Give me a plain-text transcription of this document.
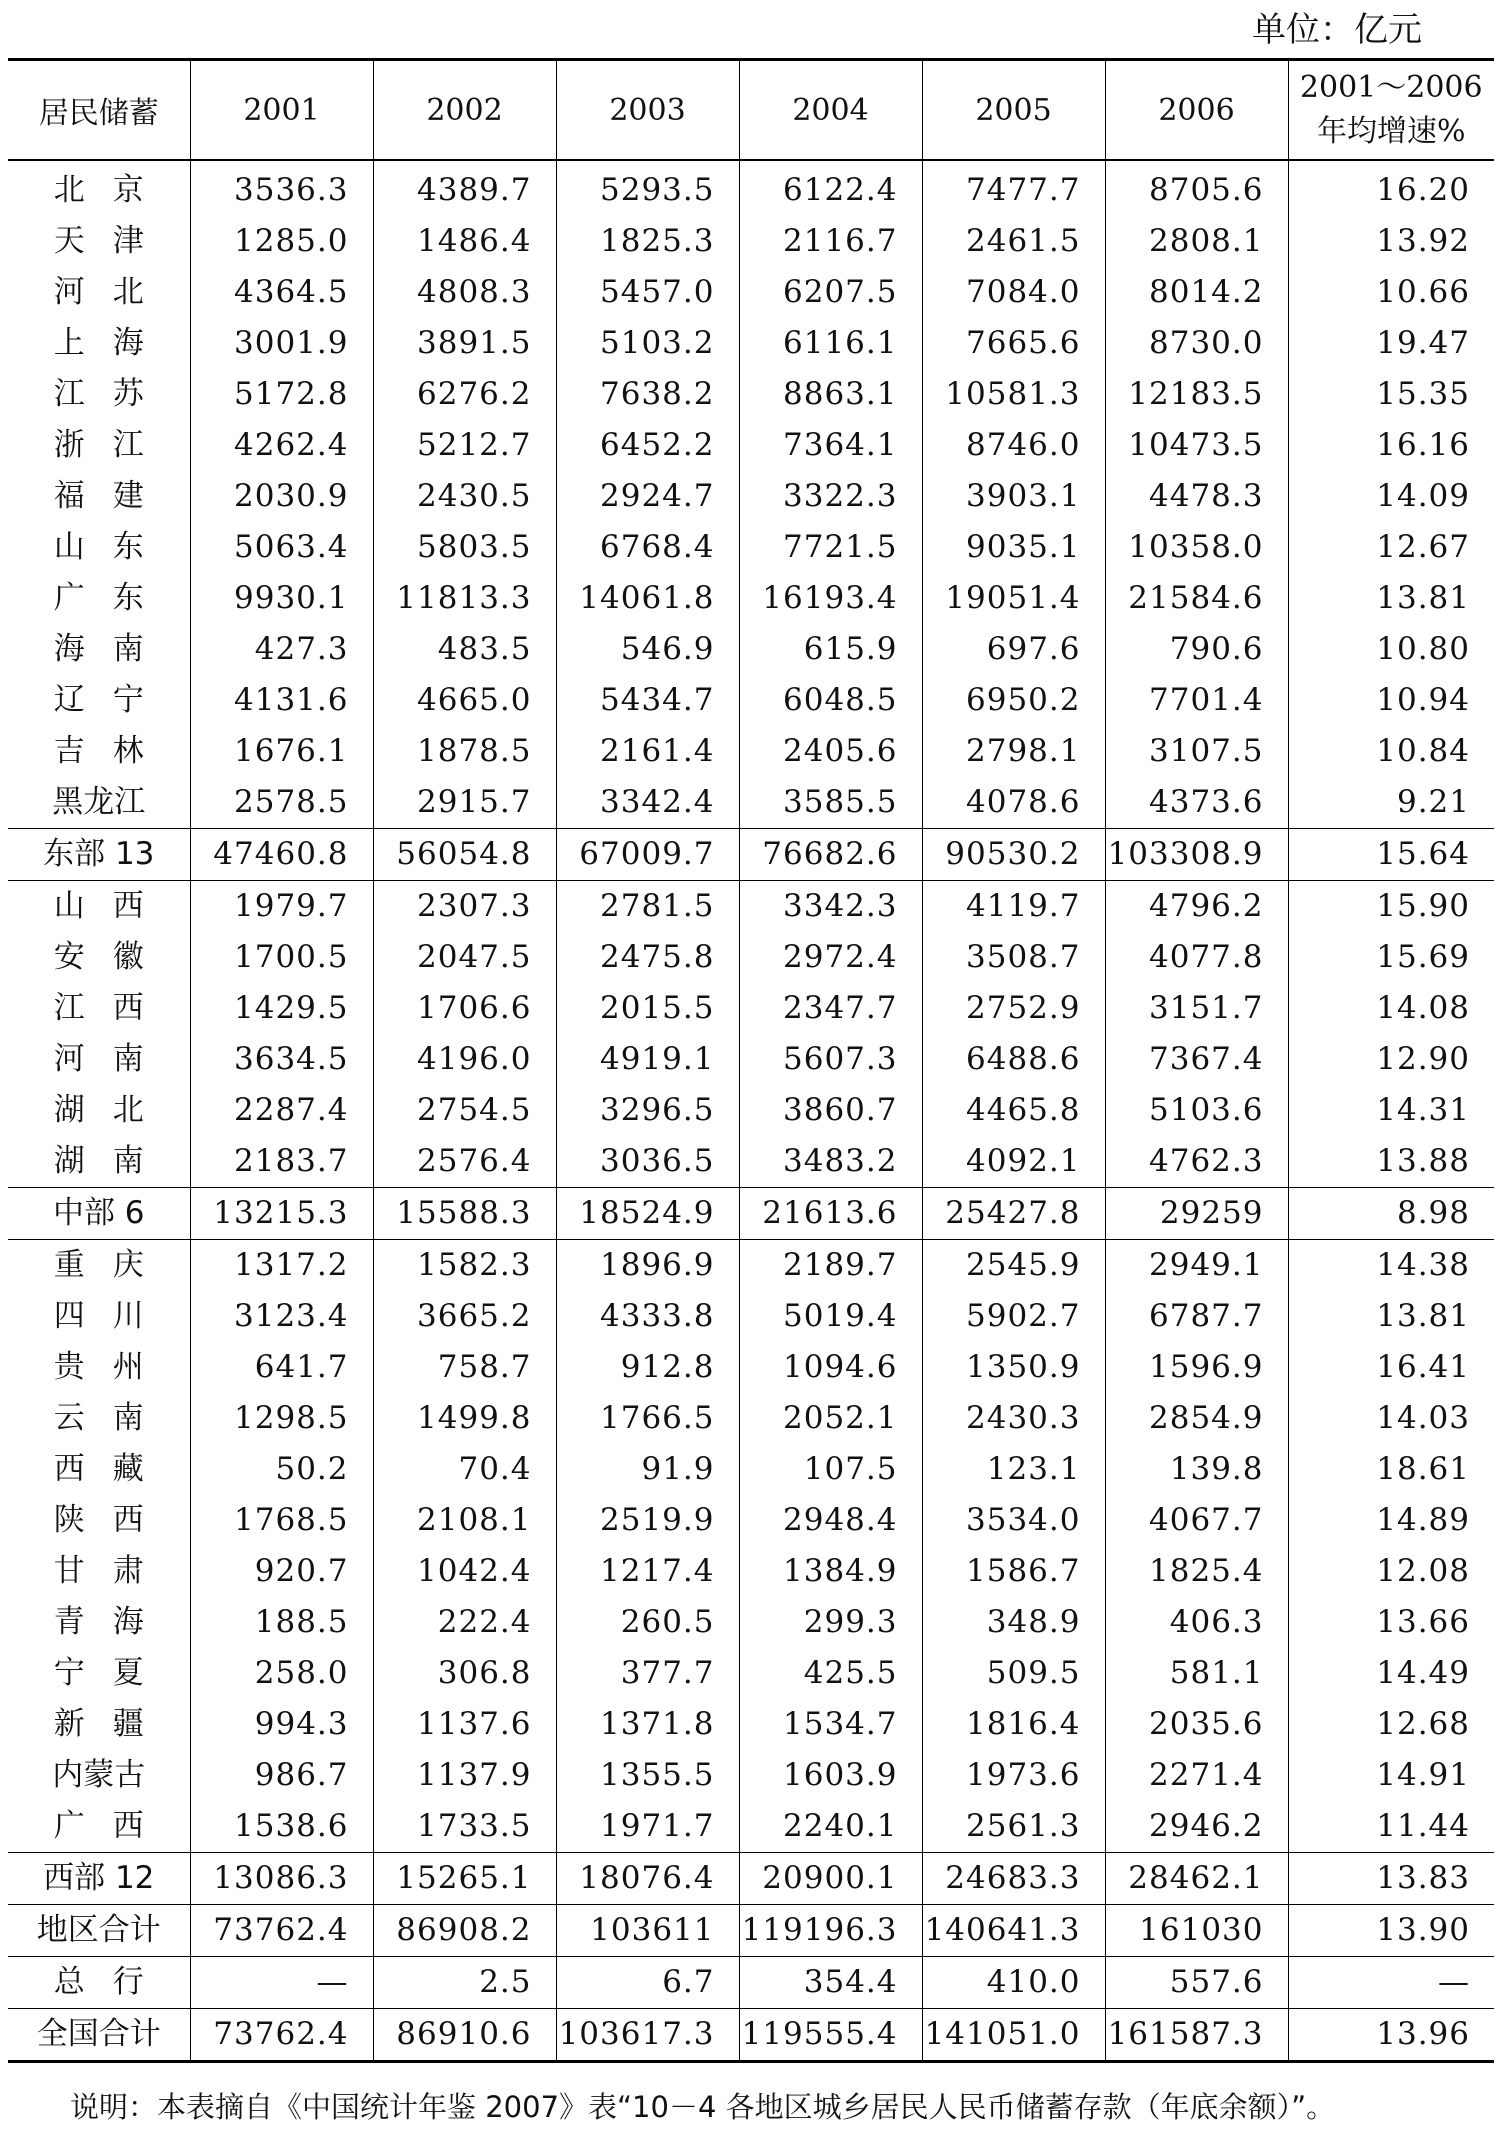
单位：亿元
居民储蓄	2001	2002	2003	2004	2005	2006	2001～2006
年均增速%

北京	3536.3	4389.7	5293.5	6122.4	7477.7	8705.6	16.20
天津	1285.0	1486.4	1825.3	2116.7	2461.5	2808.1	13.92
河北	4364.5	4808.3	5457.0	6207.5	7084.0	8014.2	10.66
上海	3001.9	3891.5	5103.2	6116.1	7665.6	8730.0	19.47
江苏	5172.8	6276.2	7638.2	8863.1	10581.3	12183.5	15.35
浙江	4262.4	5212.7	6452.2	7364.1	8746.0	10473.5	16.16
福建	2030.9	2430.5	2924.7	3322.3	3903.1	4478.3	14.09
山东	5063.4	5803.5	6768.4	7721.5	9035.1	10358.0	12.67
广东	9930.1	11813.3	14061.8	16193.4	19051.4	21584.6	13.81
海南	427.3	483.5	546.9	615.9	697.6	790.6	10.80
辽宁	4131.6	4665.0	5434.7	6048.5	6950.2	7701.4	10.94
吉林	1676.1	1878.5	2161.4	2405.6	2798.1	3107.5	10.84
黑龙江	2578.5	2915.7	3342.4	3585.5	4078.6	4373.6	9.21
东部 13	47460.8	56054.8	67009.7	76682.6	90530.2	103308.9	15.64
山西	1979.7	2307.3	2781.5	3342.3	4119.7	4796.2	15.90
安徽	1700.5	2047.5	2475.8	2972.4	3508.7	4077.8	15.69
江西	1429.5	1706.6	2015.5	2347.7	2752.9	3151.7	14.08
河南	3634.5	4196.0	4919.1	5607.3	6488.6	7367.4	12.90
湖北	2287.4	2754.5	3296.5	3860.7	4465.8	5103.6	14.31
湖南	2183.7	2576.4	3036.5	3483.2	4092.1	4762.3	13.88
中部 6	13215.3	15588.3	18524.9	21613.6	25427.8	29259	8.98
重庆	1317.2	1582.3	1896.9	2189.7	2545.9	2949.1	14.38
四川	3123.4	3665.2	4333.8	5019.4	5902.7	6787.7	13.81
贵州	641.7	758.7	912.8	1094.6	1350.9	1596.9	16.41
云南	1298.5	1499.8	1766.5	2052.1	2430.3	2854.9	14.03
西藏	50.2	70.4	91.9	107.5	123.1	139.8	18.61
陕西	1768.5	2108.1	2519.9	2948.4	3534.0	4067.7	14.89
甘肃	920.7	1042.4	1217.4	1384.9	1586.7	1825.4	12.08
青海	188.5	222.4	260.5	299.3	348.9	406.3	13.66
宁夏	258.0	306.8	377.7	425.5	509.5	581.1	14.49
新疆	994.3	1137.6	1371.8	1534.7	1816.4	2035.6	12.68
内蒙古	986.7	1137.9	1355.5	1603.9	1973.6	2271.4	14.91
广西	1538.6	1733.5	1971.7	2240.1	2561.3	2946.2	11.44
西部 12	13086.3	15265.1	18076.4	20900.1	24683.3	28462.1	13.83
地区合计	73762.4	86908.2	103611	119196.3	140641.3	161030	13.90
总行	—	2.5	6.7	354.4	410.0	557.6	—
全国合计	73762.4	86910.6	103617.3	119555.4	141051.0	161587.3	13.96
说明：本表摘自《中国统计年鉴 2007》表“10－4 各地区城乡居民人民币储蓄存款（年底余额）”。
